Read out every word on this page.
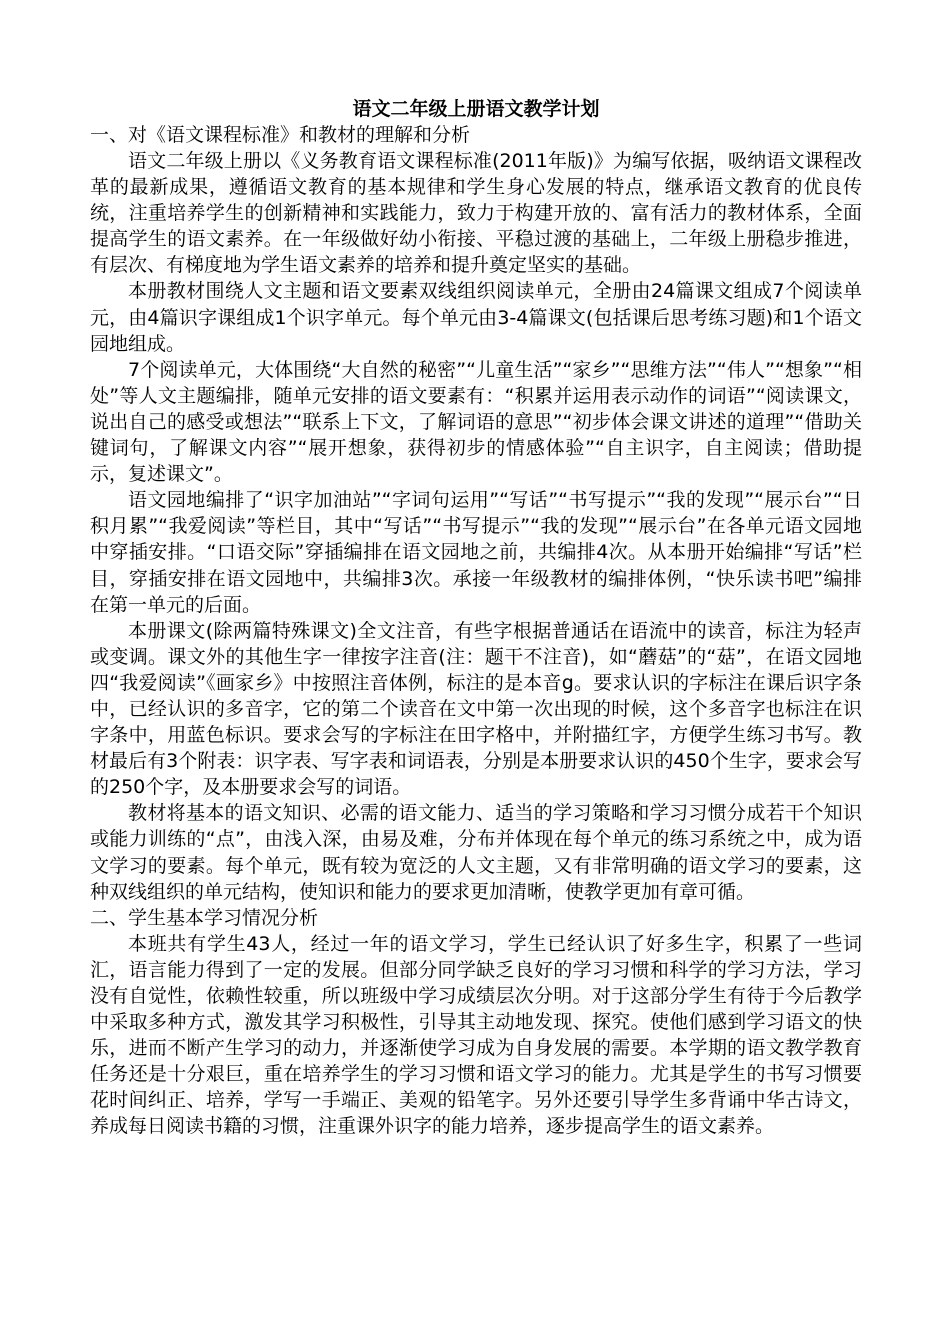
语文二年级上册语文教学计划

一、对《语文课程标准》和教材的理解和分析

语文二年级上册以《义务教育语文课程标准(2011年版)》为编写依据，吸纳语文课程改革的最新成果，遵循语文教育的基本规律和学生身心发展的特点，继承语文教育的优良传统，注重培养学生的创新精神和实践能力，致力于构建开放的、富有活力的教材体系，全面提高学生的语文素养。在一年级做好幼小衔接、平稳过渡的基础上，二年级上册稳步推进，有层次、有梯度地为学生语文素养的培养和提升奠定坚实的基础。

本册教材围绕人文主题和语文要素双线组织阅读单元，全册由24篇课文组成7个阅读单元，由4篇识字课组成1个识字单元。每个单元由3-4篇课文(包括课后思考练习题)和1个语文园地组成。

7个阅读单元，大体围绕“大自然的秘密”“儿童生活”“家乡”“思维方法”“伟人”“想象”“相处”等人文主题编排，随单元安排的语文要素有：“积累并运用表示动作的词语”“阅读课文，说出自己的感受或想法”“联系上下文，了解词语的意思”“初步体会课文讲述的道理”“借助关键词句，了解课文内容”“展开想象，获得初步的情感体验”“自主识字，自主阅读；借助提示，复述课文”。

语文园地编排了“识字加油站”“字词句运用”“写话”“书写提示”“我的发现”“展示台”“日积月累”“我爱阅读”等栏目，其中“写话”“书写提示”“我的发现”“展示台”在各单元语文园地中穿插安排。“口语交际”穿插编排在语文园地之前，共编排4次。从本册开始编排“写话”栏目，穿插安排在语文园地中，共编排3次。承接一年级教材的编排体例，“快乐读书吧”编排在第一单元的后面。

本册课文(除两篇特殊课文)全文注音，有些字根据普通话在语流中的读音，标注为轻声或变调。课文外的其他生字一律按字注音(注：题干不注音)，如“蘑菇”的“菇”，在语文园地四“我爱阅读”《画家乡》中按照注音体例，标注的是本音g。要求认识的字标注在课后识字条中，已经认识的多音字，它的第二个读音在文中第一次出现的时候，这个多音字也标注在识字条中，用蓝色标识。要求会写的字标注在田字格中，并附描红字，方便学生练习书写。教材最后有3个附表：识字表、写字表和词语表，分别是本册要求认识的450个生字，要求会写的250个字，及本册要求会写的词语。

教材将基本的语文知识、必需的语文能力、适当的学习策略和学习习惯分成若干个知识或能力训练的“点”，由浅入深，由易及难，分布并体现在每个单元的练习系统之中，成为语文学习的要素。每个单元，既有较为宽泛的人文主题，又有非常明确的语文学习的要素，这种双线组织的单元结构，使知识和能力的要求更加清晰，使教学更加有章可循。

二、学生基本学习情况分析

本班共有学生43人，经过一年的语文学习，学生已经认识了好多生字，积累了一些词汇，语言能力得到了一定的发展。但部分同学缺乏良好的学习习惯和科学的学习方法，学习没有自觉性，依赖性较重，所以班级中学习成绩层次分明。对于这部分学生有待于今后教学中采取多种方式，激发其学习积极性，引导其主动地发现、探究。使他们感到学习语文的快乐，进而不断产生学习的动力，并逐渐使学习成为自身发展的需要。本学期的语文教学教育任务还是十分艰巨，重在培养学生的学习习惯和语文学习的能力。尤其是学生的书写习惯要花时间纠正、培养，学写一手端正、美观的铅笔字。另外还要引导学生多背诵中华古诗文，养成每日阅读书籍的习惯，注重课外识字的能力培养，逐步提高学生的语文素养。
